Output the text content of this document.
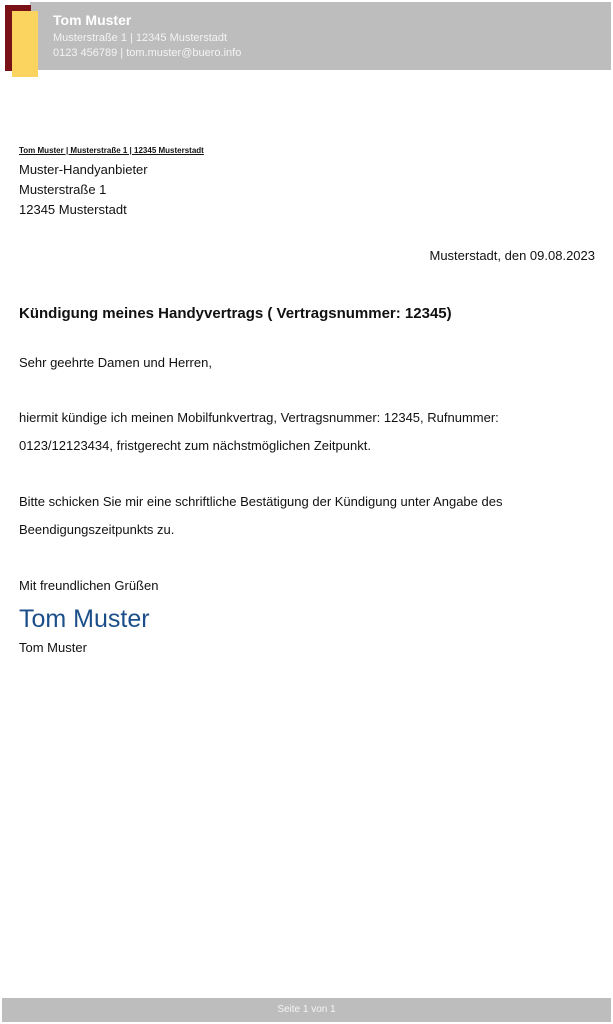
Tom Muster
Musterstraße 1 | 12345 Musterstadt
0123 456789 | tom.muster@buero.info
Tom Muster | Musterstraße 1 | 12345 Musterstadt
Muster-Handyanbieter
Musterstraße 1
12345 Musterstadt
Musterstadt, den 09.08.2023
Kündigung meines Handyvertrags ( Vertragsnummer: 12345)
Sehr geehrte Damen und Herren,
hiermit kündige ich meinen Mobilfunkvertrag, Vertragsnummer: 12345, Rufnummer: 0123/12123434, fristgerecht zum nächstmöglichen Zeitpunkt.
Bitte schicken Sie mir eine schriftliche Bestätigung der Kündigung unter Angabe des Beendigungszeitpunkts zu.
Mit freundlichen Grüßen
Tom Muster
Tom Muster
Seite 1 von 1
